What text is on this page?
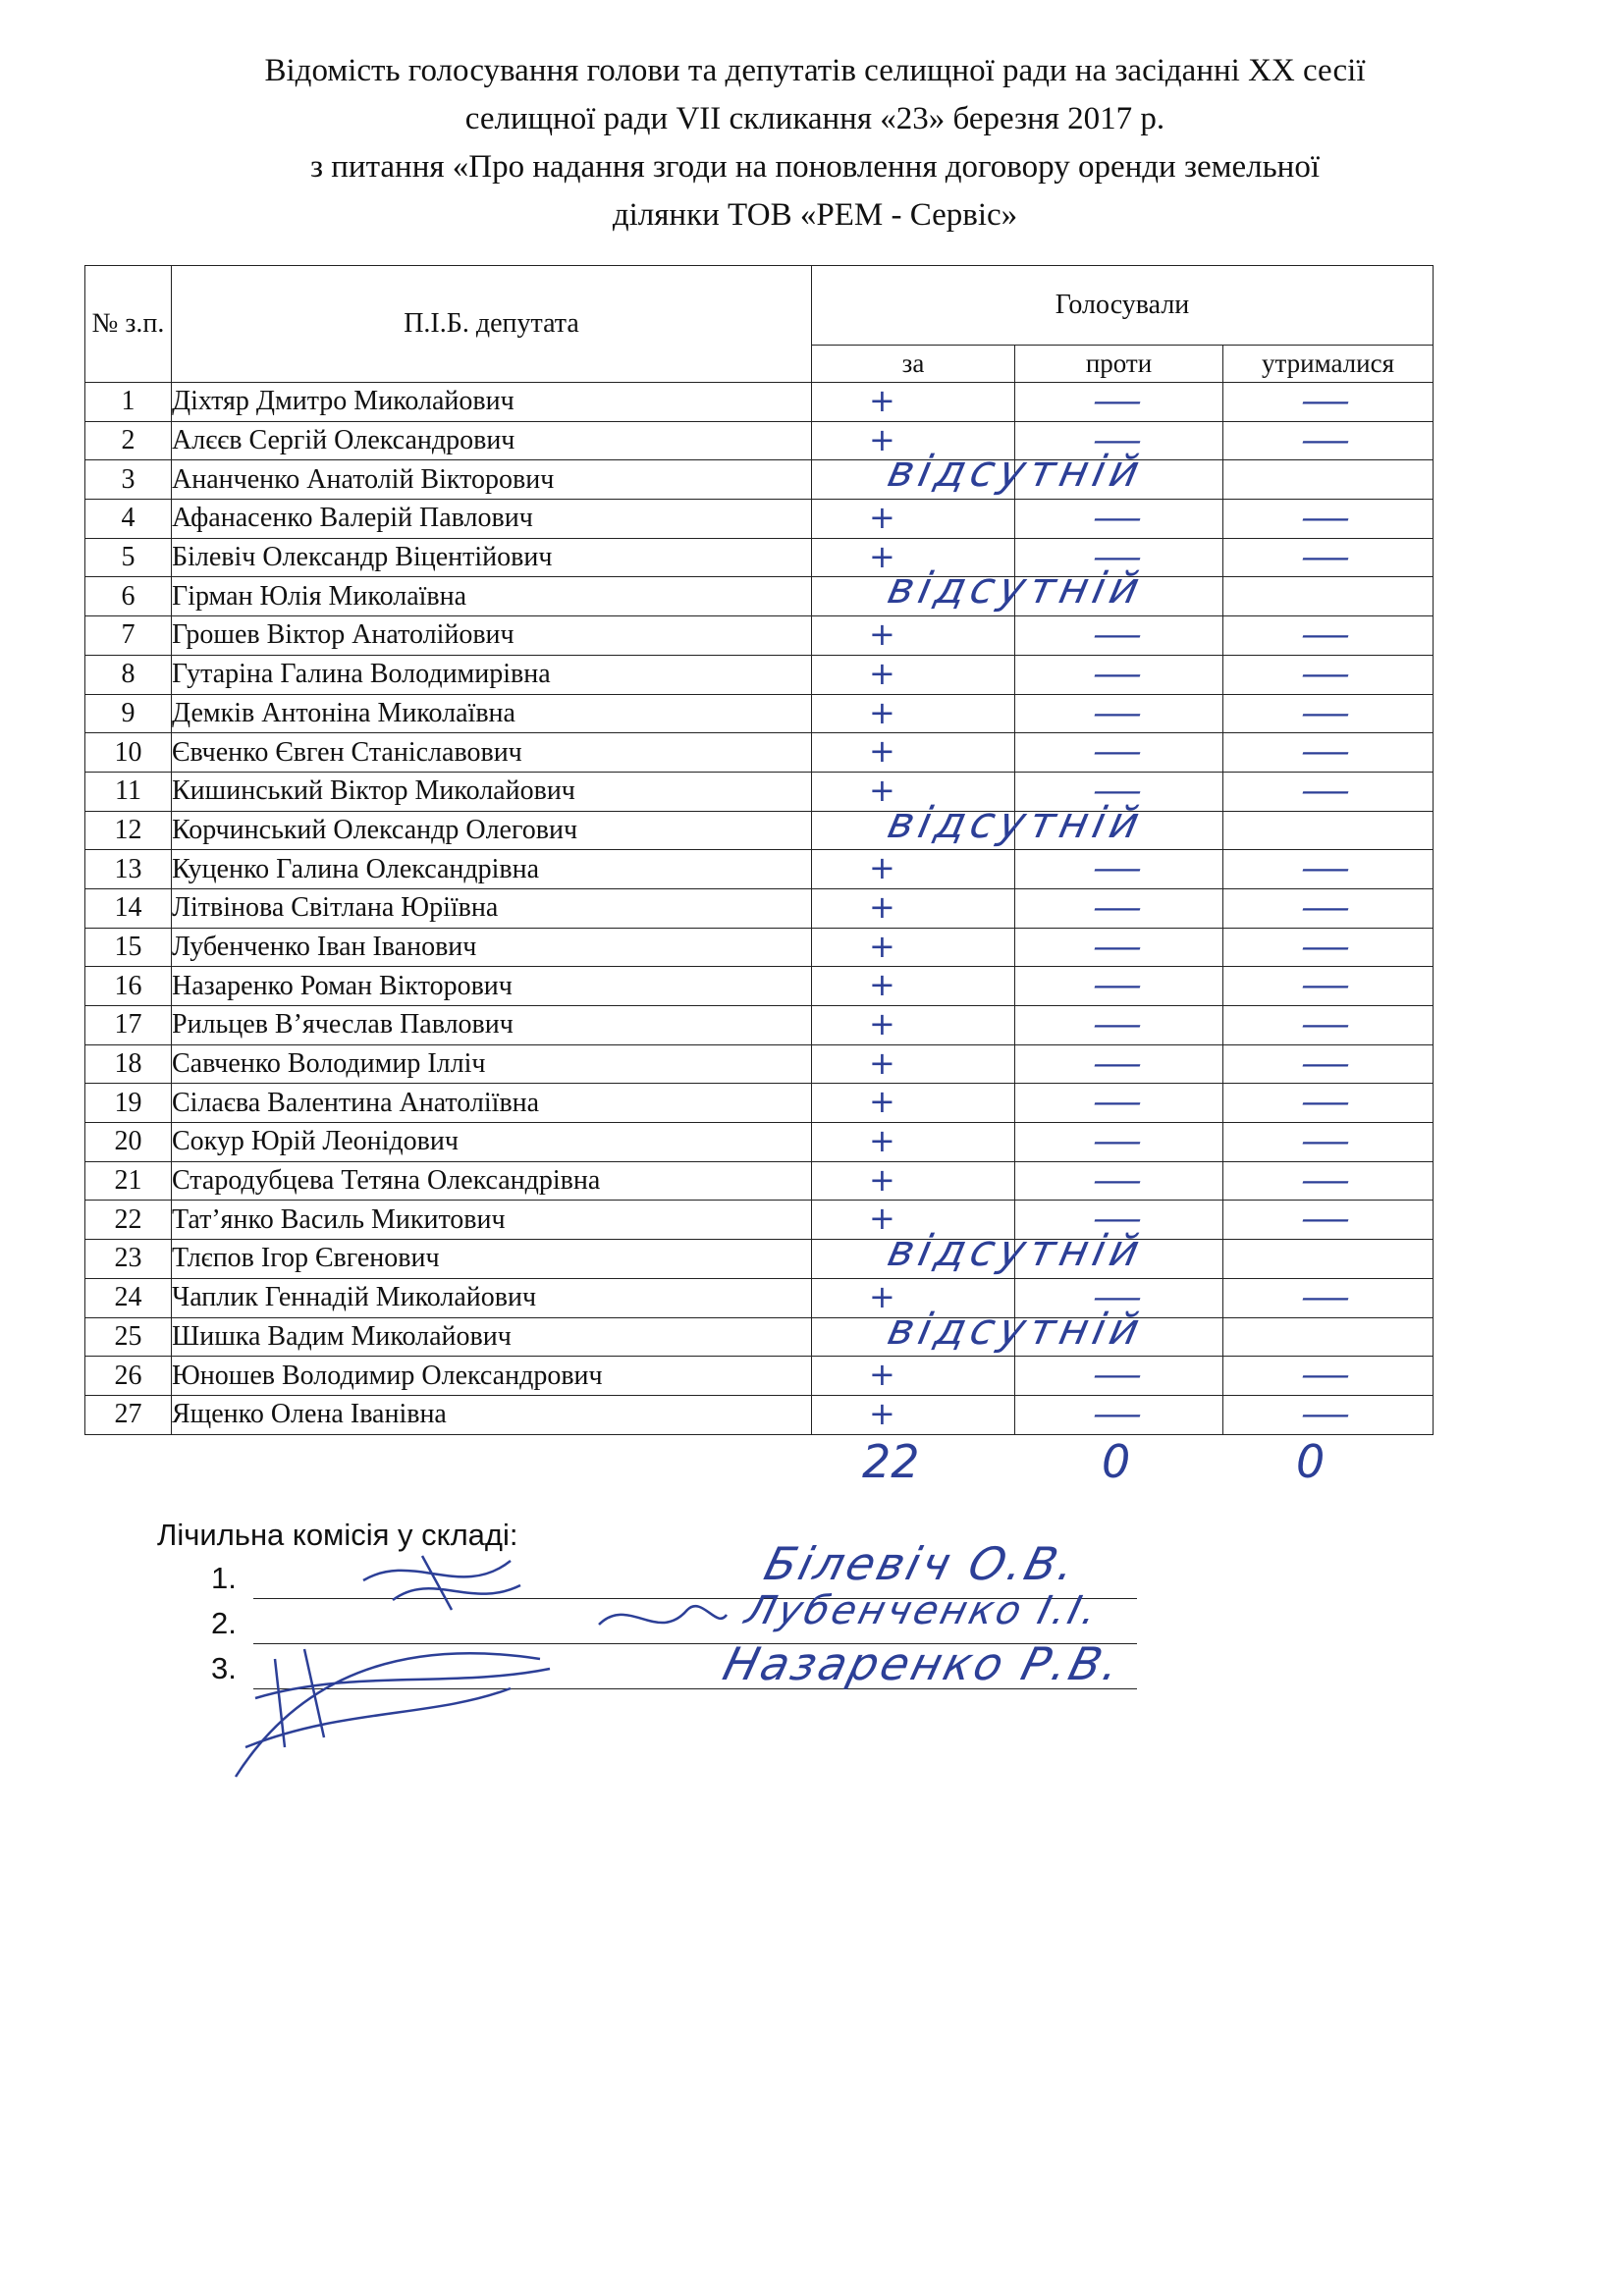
Відомість голосування голови та депутатів селищної ради на засіданні ХХ сесії
селищної ради VІІ скликання «23» березня 2017 р.
з питання «Про надання згоди на поновлення договору оренди земельної
ділянки ТОВ «РЕМ - Сервіс»
№ з.п.	П.І.Б. депутата	Голосували		
		за	проти	утрималися
1	Діхтяр Дмитро Миколайович	+	—	—

2	Алєєв Сергій Олександрович	+	—	—

3	Ананченко Анатолій Вікторович	відсутній		

4	Афанасенко Валерій Павлович	+	—	—

5	Білевіч Олександр Віцентійович	+	—	—

6	Гірман Юлія Миколаївна	відсутній		

7	Грошев Віктор Анатолійович	+	—	—

8	Гутаріна Галина Володимирівна	+	—	—

9	Демків Антоніна Миколаївна	+	—	—

10	Євченко Євген Станіславович	+	—	—

11	Кишинський Віктор Миколайович	+	—	—

12	Корчинський Олександр Олегович	відсутній		

13	Куценко Галина Олександрівна	+	—	—

14	Літвінова Світлана Юріївна	+	—	—

15	Лубенченко Іван Іванович	+	—	—

16	Назаренко Роман Вікторович	+	—	—

17	Рильцев В’ячеслав Павлович	+	—	—

18	Савченко Володимир Ілліч	+	—	—

19	Сілаєва Валентина Анатоліївна	+	—	—

20	Сокур Юрій Леонідович	+	—	—

21	Стародубцева Тетяна Олександрівна	+	—	—

22	Тат’янко Василь Микитович	+	—	—

23	Тлєпов Ігор Євгенович	відсутній		

24	Чаплик Геннадій Миколайович	+	—	—

25	Шишка Вадим Миколайович	відсутній		

26	Юношев Володимир Олександрович	+	—	—

27	Ященко Олена Іванівна	+	—	—
22	0	0
Лічильна комісія у складі:
1.
2.
3.
Білевіч О.В.
Лубенченко І.І.
Назаренко Р.В.
